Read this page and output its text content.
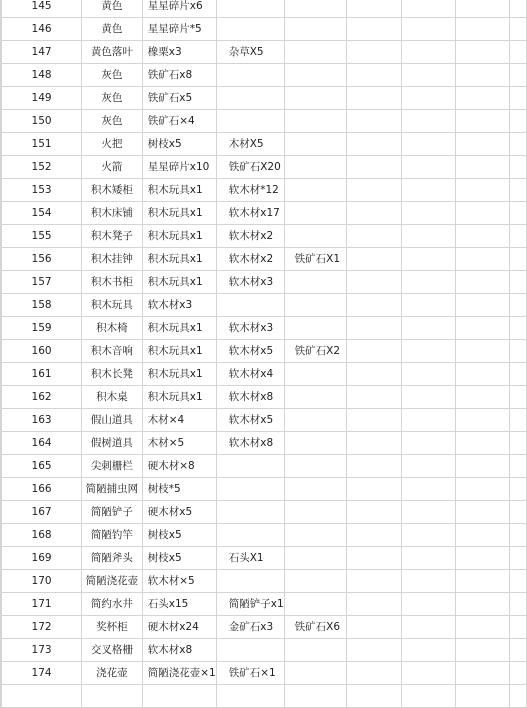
	145	黄色	星星碎片x6						
	146	黄色	星星碎片*5						
	147	黄色落叶	橡栗x3	杂草X5					
	148	灰色	铁矿石x8						
	149	灰色	铁矿石x5						
	150	灰色	铁矿石×4						
	151	火把	树枝x5	木材X5					
	152	火箭	星星碎片x10	铁矿石X20					
	153	积木矮柜	积木玩具x1	软木材*12					
	154	积木床铺	积木玩具x1	软木材x17					
	155	积木凳子	积木玩具x1	软木材x2					
	156	积木挂钟	积木玩具x1	软木材x2	铁矿石X1				
	157	积木书柜	积木玩具x1	软木材x3					
	158	积木玩具	软木材x3						
	159	积木椅	积木玩具x1	软木材x3					
	160	积木音响	积木玩具x1	软木材x5	铁矿石X2				
	161	积木长凳	积木玩具x1	软木材x4					
	162	积木桌	积木玩具x1	软木材x8					
	163	假山道具	木材×4	软木材x5					
	164	假树道具	木材×5	软木材x8					
	165	尖刺栅栏	硬木材×8						
	166	简陋捕虫网	树枝*5						
	167	简陋铲子	硬木材x5						
	168	简陋钓竿	树枝x5						
	169	简陋斧头	树枝x5	石头X1					
	170	简陋浇花壶	软木材×5						
	171	简约水井	石头x15	简陋铲子x1					
	172	奖杯柜	硬木材x24	金矿石x3	铁矿石X6				
	173	交叉格栅	软木材x8						
	174	浇花壶	简陋浇花壶×1	铁矿石×1					
